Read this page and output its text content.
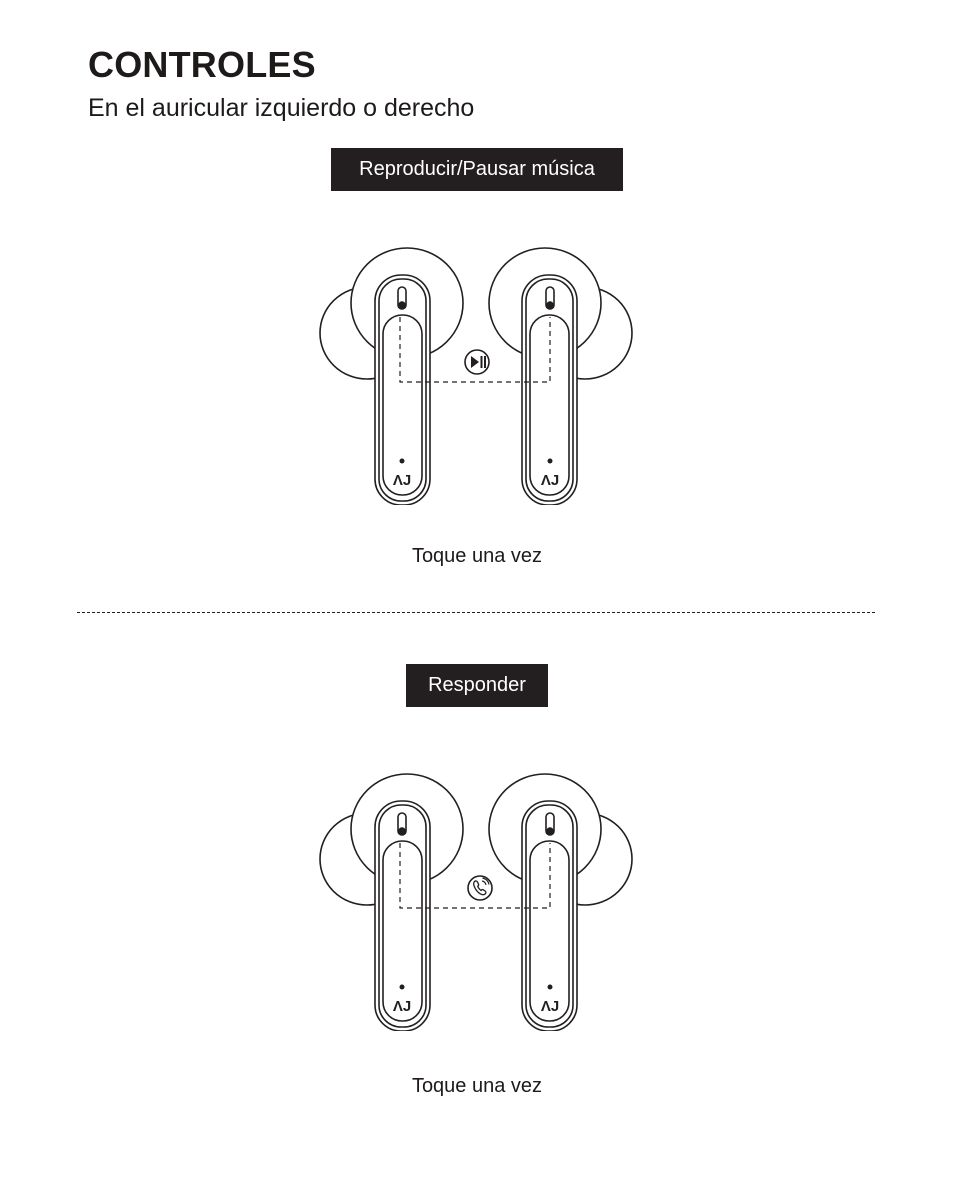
CONTROLES
En el auricular izquierdo o derecho
Reproducir/Pausar música
ΛJ	ΛJ
Toque una vez
Responder
ΛJ	ΛJ
Toque una vez
